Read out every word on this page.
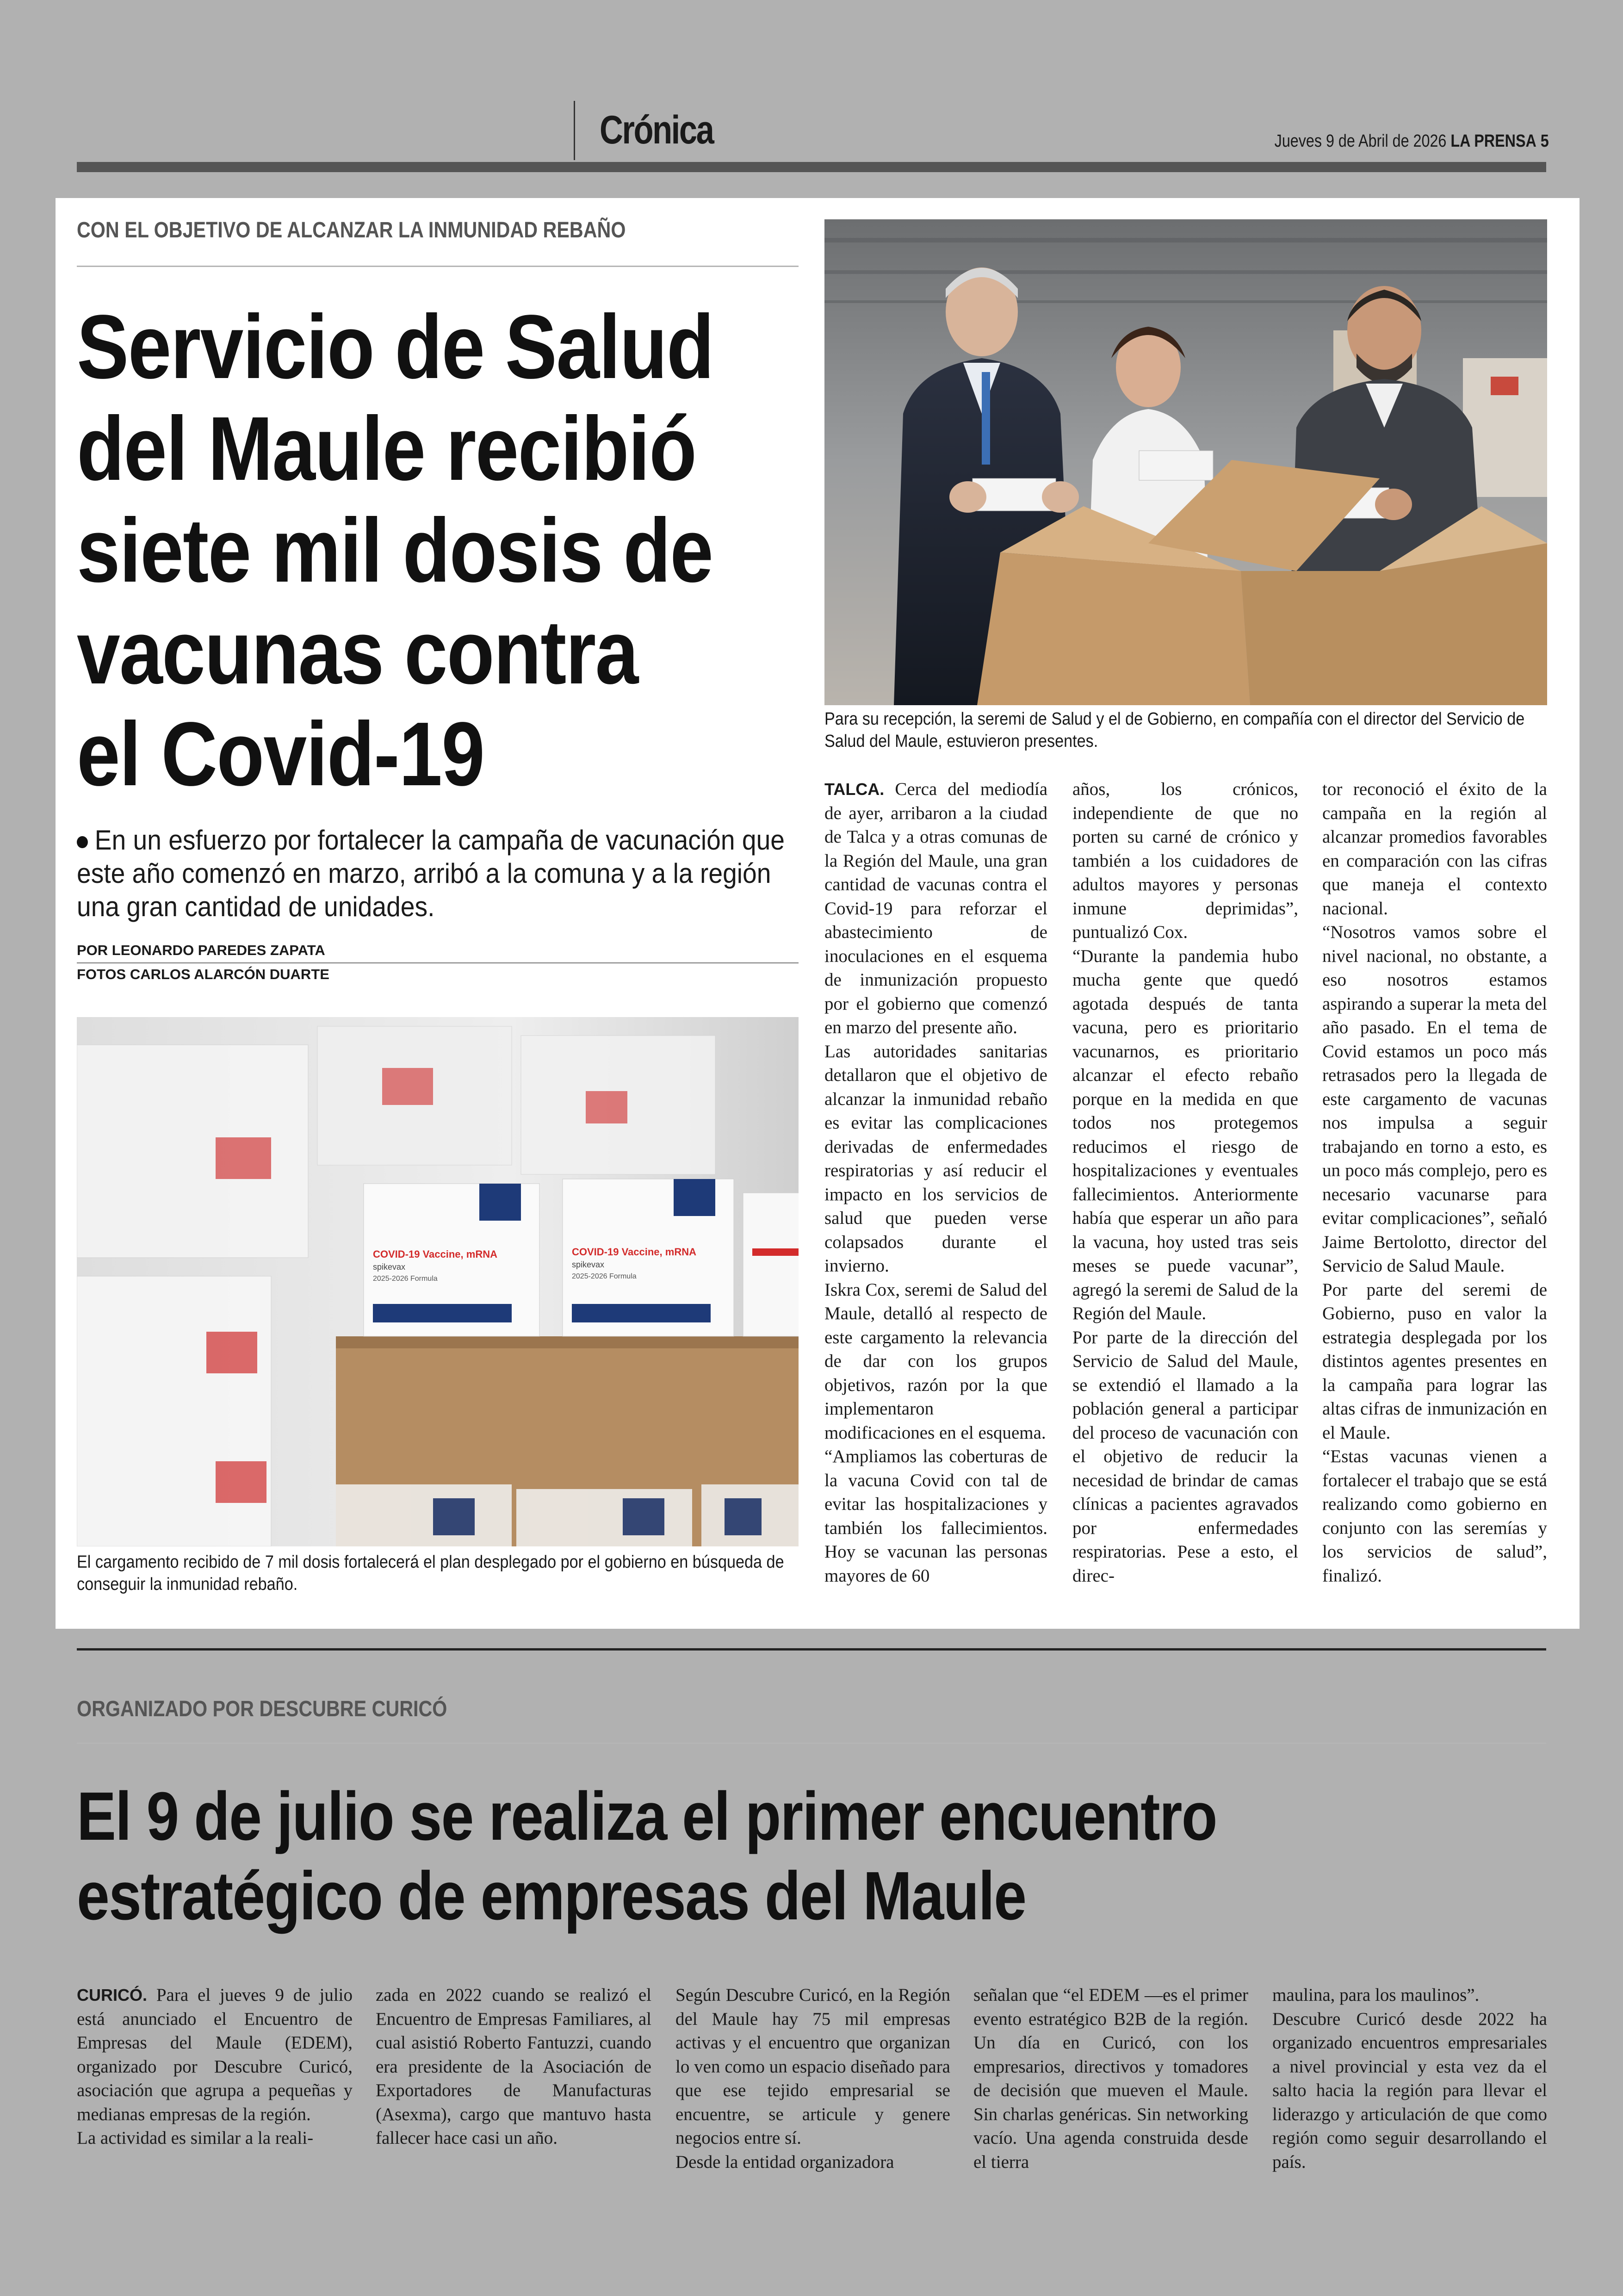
Crónica	Jueves 9 de Abril de 2026 LA PRENSA 5
CON EL OBJETIVO DE ALCANZAR LA INMUNIDAD REBAÑO
Servicio de Salud
del Maule recibió
siete mil dosis de
vacunas contra
el Covid-19
En un esfuerzo por fortalecer la campaña de vacunación que este año comenzó en marzo, arribó a la comuna y a la región una gran cantidad de unidades.
POR LEONARDO PAREDES ZAPATA
FOTOS CARLOS ALARCÓN DUARTE
Para su recepción, la seremi de Salud y el de Gobierno, en compañía con el director del Servicio de Salud del Maule, estuvieron presentes.
COVID-19 Vaccine, mRNA
spikevax
2025-2026 Formula
COVID-19 Vaccine, mRNA
spikevax
2025-2026 Formula
El cargamento recibido de 7 mil dosis fortalecerá el plan desplegado por el gobierno en búsqueda de conseguir la inmunidad rebaño.

TALCA. Cerca del mediodía de ayer, arribaron a la ciudad de Talca y a otras comunas de la Región del Maule, una gran cantidad de vacunas contra el Covid-19 para reforzar el abastecimiento de inoculaciones en el esquema de inmunización propuesto por el gobierno que comenzó en marzo del presente año.

Las autoridades sanitarias detallaron que el objetivo de alcanzar la inmunidad rebaño es evitar las complicaciones derivadas de enfermedades respiratorias y así reducir el impacto en los servicios de salud que pueden verse colapsados durante el invierno.

Iskra Cox, seremi de Salud del Maule, detalló al respecto de este cargamento la relevancia de dar con los grupos objetivos, razón por la que implementaron modificaciones en el esquema.

“Ampliamos las coberturas de la vacuna Covid con tal de evitar las hospitalizaciones y también los fallecimientos. Hoy se vacunan las personas mayores de 60

años, los crónicos, independiente de que no porten su carné de crónico y también a los cuidadores de adultos mayores y personas inmune deprimidas”, puntualizó Cox.

“Durante la pandemia hubo mucha gente que quedó agotada después de tanta vacuna, pero es prioritario vacunarnos, es prioritario alcanzar el efecto rebaño porque en la medida en que todos nos protegemos reducimos el riesgo de hospitalizaciones y eventuales fallecimientos. Anteriormente había que esperar un año para la vacuna, hoy usted tras seis meses se puede vacunar”, agregó la seremi de Salud de la Región del Maule.

Por parte de la dirección del Servicio de Salud del Maule, se extendió el llamado a la población general a participar del proceso de vacunación con el objetivo de reducir la necesidad de brindar de camas clínicas a pacientes agravados por enfermedades respiratorias. Pese a esto, el direc-

tor reconoció el éxito de la campaña en la región al alcanzar promedios favorables en comparación con las cifras que maneja el contexto nacional.

“Nosotros vamos sobre el nivel nacional, no obstante, a eso nosotros estamos aspirando a superar la meta del año pasado. En el tema de Covid estamos un poco más retrasados pero la llegada de este cargamento de vacunas nos impulsa a seguir trabajando en torno a esto, es un poco más complejo, pero es necesario vacunarse para evitar complicaciones”, señaló Jaime Bertolotto, director del Servicio de Salud Maule.

Por parte del seremi de Gobierno, puso en valor la estrategia desplegada por los distintos agentes presentes en la campaña para lograr las altas cifras de inmunización en el Maule.

“Estas vacunas vienen a fortalecer el trabajo que se está realizando como gobierno en conjunto con las seremías y los servicios de salud”, finalizó.

ORGANIZADO POR DESCUBRE CURICÓ
El 9 de julio se realiza el primer encuentro
estratégico de empresas del Maule

CURICÓ. Para el jueves 9 de julio está anunciado el Encuentro de Empresas del Maule (EDEM), organizado por Descubre Curicó, asociación que agrupa a pequeñas y medianas empresas de la región.

La actividad es similar a la reali-

zada en 2022 cuando se realizó el Encuentro de Empresas Familiares, al cual asistió Roberto Fantuzzi, cuando era presidente de la Asociación de Exportadores de Manufacturas (Asexma), cargo que mantuvo hasta fallecer hace casi un año.

Según Descubre Curicó, en la Región del Maule hay 75 mil empresas activas y el encuentro que organizan lo ven como un espacio diseñado para que ese tejido empresarial se encuentre, se articule y genere negocios entre sí.

Desde la entidad organizadora

señalan que “el EDEM —es el primer evento estratégico B2B de la región. Un día en Curicó, con los empresarios, directivos y tomadores de decisión que mueven el Maule. Sin charlas genéricas. Sin networking vacío. Una agenda construida desde el tierra

maulina, para los maulinos”.

Descubre Curicó desde 2022 ha organizado encuentros empresariales a nivel provincial y esta vez da el salto hacia la región para llevar el liderazgo y articulación de que como región como seguir desarrollando el país.
